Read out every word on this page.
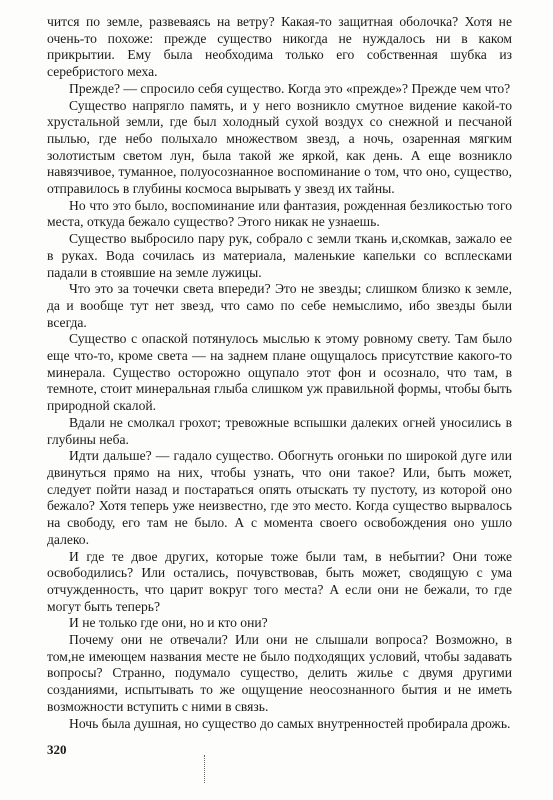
чится по земле, развеваясь на ветру? Какая-то защитная оболочка? Хотя не очень-то похоже: прежде существо никогда не нуждалось ни в каком прикрытии. Ему была необходима только его собственная шубка из серебристого меха.

Прежде? — спросило себя существо. Когда это «прежде»? Прежде чем что?

Существо напрягло память, и у него возникло смутное видение какой-то хрустальной земли, где был холодный сухой воздух со снежной и песчаной пылью, где небо полыхало множеством звезд, а ночь, озаренная мягким золотистым светом лун, была такой же яркой, как день. А еще возникло навязчивое, туманное, полуосознанное воспоминание о том, что оно, существо, отправилось в глубины космоса вырывать у звезд их тайны.

Но что это было, воспоминание или фантазия, рожденная безликостью того места, откуда бежало существо? Этого никак не узнаешь.

Существо выбросило пару рук, собрало с земли ткань и,скомкав, зажало ее в руках. Вода сочилась из материала, маленькие капельки со всплесками падали в стоявшие на земле лужицы.

Что это за точечки света впереди? Это не звезды; слишком близко к земле, да и вообще тут нет звезд, что само по себе немыслимо, ибо звезды были всегда.

Существо с опаской потянулось мыслью к этому ровному свету. Там было еще что-то, кроме света — на заднем плане ощущалось присутствие какого-то минерала. Существо осторожно ощупало этот фон и осознало, что там, в темноте, стоит минеральная глыба слишком уж правильной формы, чтобы быть природной скалой.

Вдали не смолкал грохот; тревожные вспышки далеких огней уносились в глубины неба.

Идти дальше? — гадало существо. Обогнуть огоньки по широкой дуге или двинуться прямо на них, чтобы узнать, что они такое? Или, быть может, следует пойти назад и постараться опять отыскать ту пустоту, из которой оно бежало? Хотя теперь уже неизвестно, где это место. Когда существо вырвалось на свободу, его там не было. А с момента своего освобождения оно ушло далеко.

И где те двое других, которые тоже были там, в небытии? Они тоже освободились? Или остались, почувствовав, быть может, сводящую с ума отчужденность, что царит вокруг того места? А если они не бежали, то где могут быть теперь?

И не только где они, но и кто они?

Почему они не отвечали? Или они не слышали вопроса? Возможно, в том,не имеющем названия месте не было подходящих условий, чтобы задавать вопросы? Странно, подумало существо, делить жилье с двумя другими созданиями, испытывать то же ощущение неосознанного бытия и не иметь возможности вступить с ними в связь.

Ночь была душная, но существо до самых внутренностей пробирала дрожь.

320
